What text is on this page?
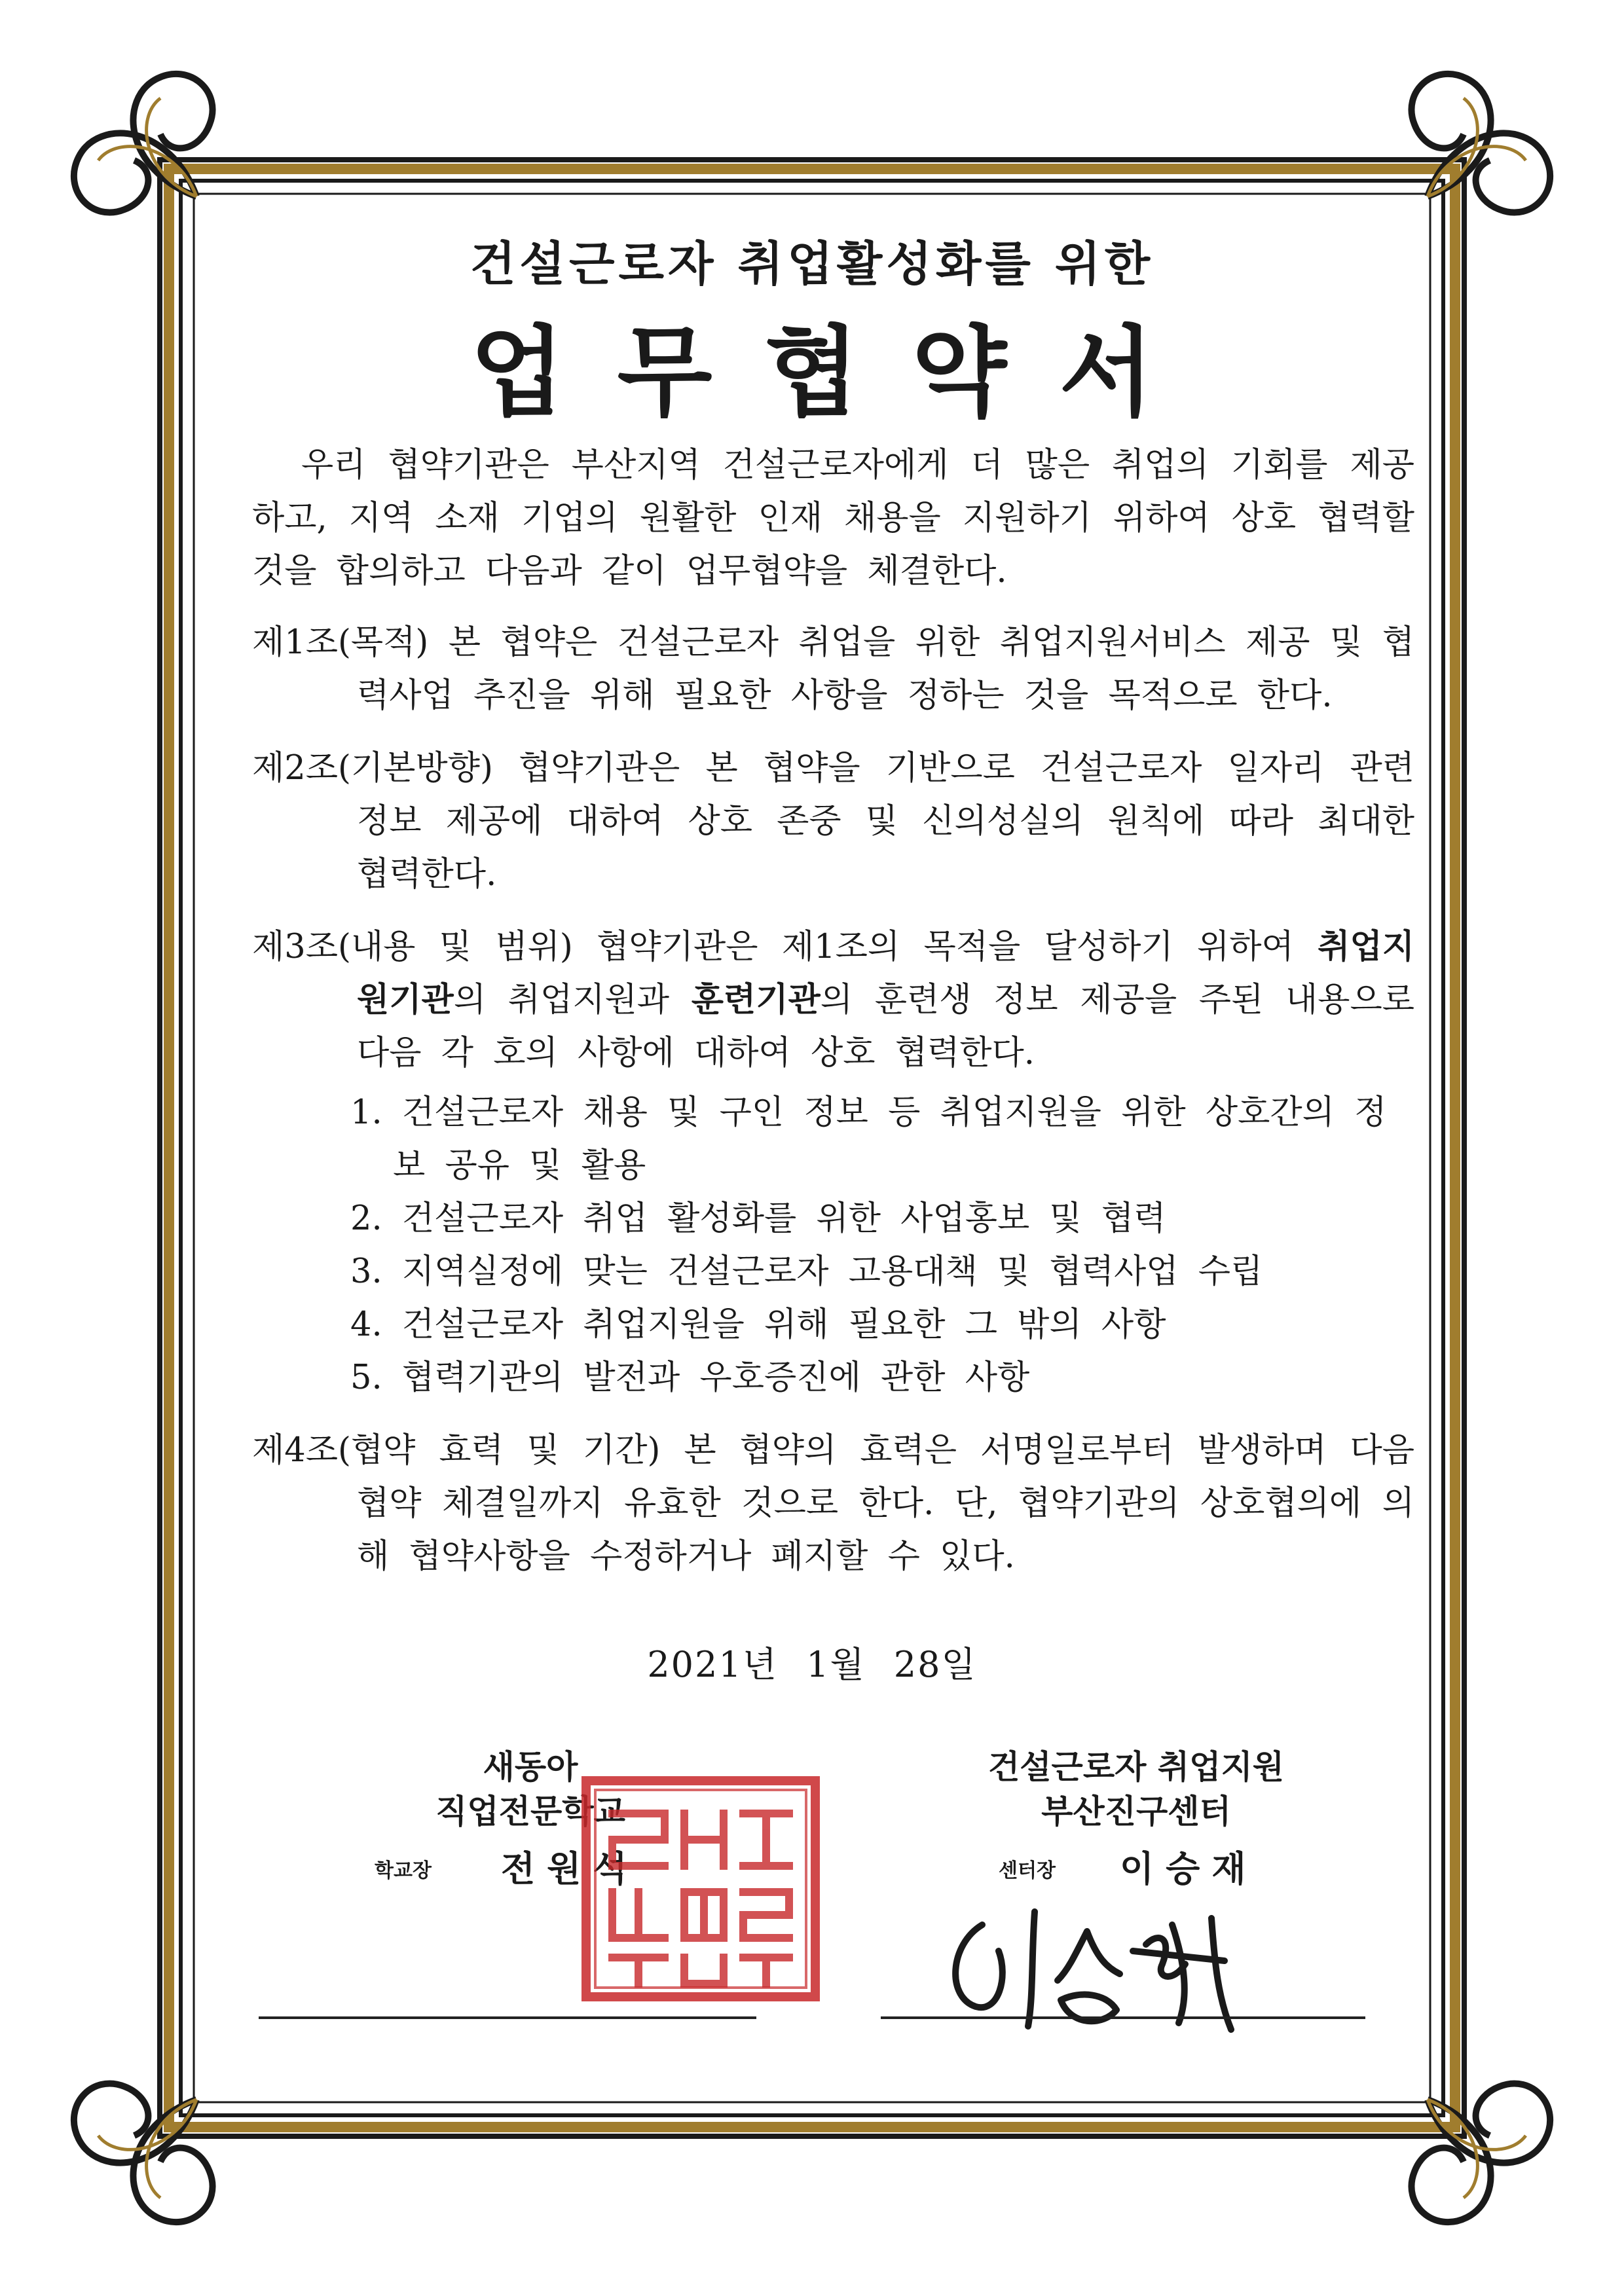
건설근로자 취업활성화를 위한
업무협약서

우리 협약기관은 부산지역 건설근로자에게 더 많은 취업의 기회를 제공하고, 지역 소재 기업의 원활한 인재 채용을 지원하기 위하여 상호 협력할 것을 합의하고 다음과 같이 업무협약을 체결한다.

제1조(목적) 본 협약은 건설근로자 취업을 위한 취업지원서비스 제공 및 협력사업 추진을 위해 필요한 사항을 정하는 것을 목적으로 한다.

제2조(기본방향) 협약기관은 본 협약을 기반으로 건설근로자 일자리 관련 정보 제공에 대하여 상호 존중 및 신의성실의 원칙에 따라 최대한 협력한다.

제3조(내용 및 범위) 협약기관은 제1조의 목적을 달성하기 위하여 취업지원기관의 취업지원과 훈련기관의 훈련생 정보 제공을 주된 내용으로 다음 각 호의 사항에 대하여 상호 협력한다.

1. 건설근로자 채용 및 구인 정보 등 취업지원을 위한 상호간의 정보 공유 및 활용
2. 건설근로자 취업 활성화를 위한 사업홍보 및 협력
3. 지역실정에 맞는 건설근로자 고용대책 및 협력사업 수립
4. 건설근로자 취업지원을 위해 필요한 그 밖의 사항
5. 협력기관의 발전과 우호증진에 관한 사항

제4조(협약 효력 및 기간) 본 협약의 효력은 서명일로부터 발생하며 다음 협약 체결일까지 유효한 것으로 한다. 단, 협약기관의 상호협의에 의해 협약사항을 수정하거나 폐지할 수 있다.

2021년 1월 28일
새동아
직업전문학교
학교장 전원석
건설근로자 취업지원
부산진구센터
센터장 이승재
